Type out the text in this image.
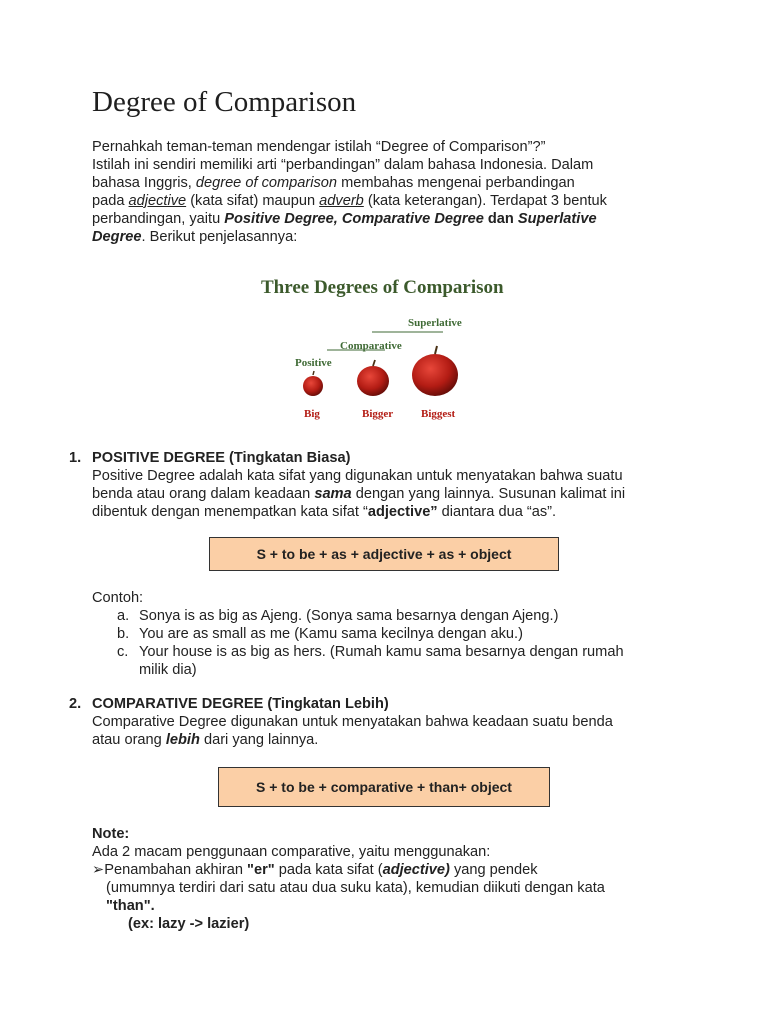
Degree of Comparison
Pernahkah teman-teman mendengar istilah “Degree of Comparison”?”
Istilah ini sendiri memiliki arti “perbandingan” dalam bahasa Indonesia. Dalam
bahasa Inggris, degree of comparison membahas mengenai perbandingan
pada adjective (kata sifat) maupun adverb (kata keterangan). Terdapat 3 bentuk
perbandingan, yaitu Positive Degree, Comparative Degree dan Superlative
Degree. Berikut penjelasannya:
Three Degrees of Comparison
Superlative
Comparative
Positive
Big	Bigger	Biggest
1. POSITIVE DEGREE (Tingkatan Biasa)
Positive Degree adalah kata sifat yang digunakan untuk menyatakan bahwa suatu
benda atau orang dalam keadaan sama dengan yang lainnya. Susunan kalimat ini
dibentuk dengan menempatkan kata sifat “adjective” diantara dua “as”.
S + to be + as + adjective + as + object
Contoh:
a. Sonya is as big as Ajeng. (Sonya sama besarnya dengan Ajeng.)
b. You are as small as me (Kamu sama kecilnya dengan aku.)
c. Your house is as big as hers. (Rumah kamu sama besarnya dengan rumah
milik dia)
2. COMPARATIVE DEGREE (Tingkatan Lebih)
Comparative Degree digunakan untuk menyatakan bahwa keadaan suatu benda
atau orang lebih dari yang lainnya.
S + to be + comparative + than+ object
Note:
Ada 2 macam penggunaan comparative, yaitu menggunakan:
➢Penambahan akhiran "er" pada kata sifat (adjective) yang pendek
(umumnya terdiri dari satu atau dua suku kata), kemudian diikuti dengan kata
"than".
(ex: lazy -> lazier)
